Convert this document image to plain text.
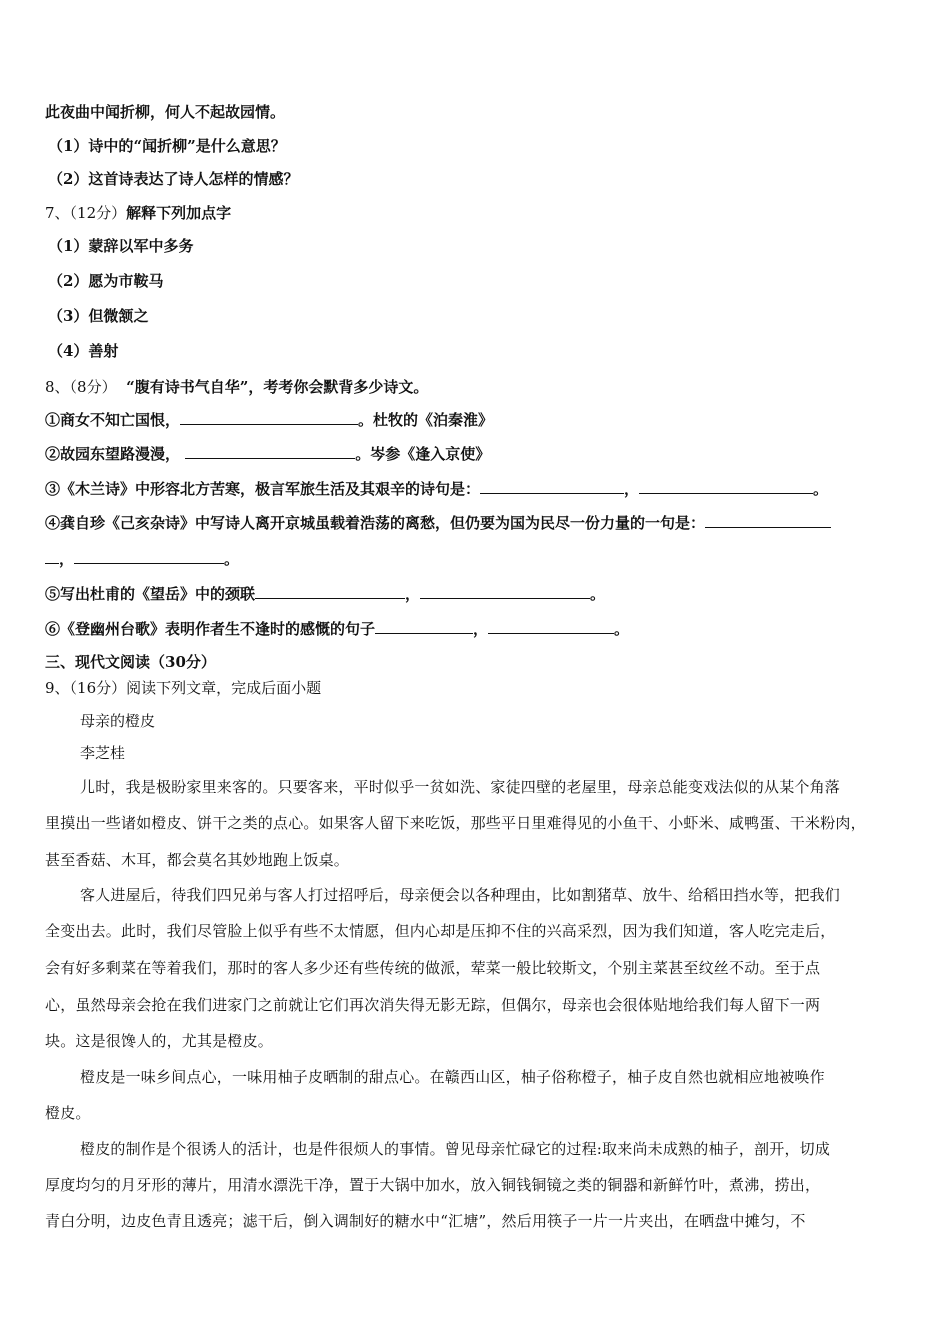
此夜曲中闻折柳，何人不起故园情。
（1）诗中的“闻折柳”是什么意思？
（2）这首诗表达了诗人怎样的情感？
7、（12分）解释下列加点字
（1）蒙辞以军中多务
（2）愿为市鞍马
（3）但微颔之
（4）善射
8、（8分） “腹有诗书气自华”，考考你会默背多少诗文。
①商女不知亡国恨，	。杜牧的《泊秦淮》
②故园东望路漫漫，	。岑参《逢入京使》
③《木兰诗》中形容北方苦寒，极言军旅生活及其艰辛的诗句是：	，	。
④龚自珍《己亥杂诗》中写诗人离开京城虽载着浩荡的离愁，但仍要为国为民尽一份力量的一句是：
，	。
⑤写出杜甫的《望岳》中的颈联	，	。
⑥《登幽州台歌》表明作者生不逢时的感慨的句子	，	。
三、现代文阅读（30分）
9、（16分）阅读下列文章，完成后面小题
母亲的橙皮
李芝桂
儿时，我是极盼家里来客的。只要客来，平时似乎一贫如洗、家徒四壁的老屋里，母亲总能变戏法似的从某个角落
里摸出一些诸如橙皮、饼干之类的点心。如果客人留下来吃饭，那些平日里难得见的小鱼干、小虾米、咸鸭蛋、干米粉肉，
甚至香菇、木耳，都会莫名其妙地跑上饭桌。
客人进屋后，待我们四兄弟与客人打过招呼后，母亲便会以各种理由，比如割猪草、放牛、给稻田挡水等，把我们
全变出去。此时，我们尽管脸上似乎有些不太情愿，但内心却是压抑不住的兴高采烈，因为我们知道，客人吃完走后，
会有好多剩菜在等着我们，那时的客人多少还有些传统的做派，荤菜一般比较斯文，个别主菜甚至纹丝不动。至于点
心，虽然母亲会抢在我们进家门之前就让它们再次消失得无影无踪，但偶尔，母亲也会很体贴地给我们每人留下一两
块。这是很馋人的，尤其是橙皮。
橙皮是一味乡间点心，一味用柚子皮晒制的甜点心。在赣西山区，柚子俗称橙子，柚子皮自然也就相应地被唤作
橙皮。
橙皮的制作是个很诱人的活计，也是件很烦人的事情。曾见母亲忙碌它的过程:取来尚未成熟的柚子，剖开，切成
厚度均匀的月牙形的薄片，用清水漂洗干净，置于大锅中加水，放入铜钱铜镜之类的铜器和新鲜竹叶，煮沸，捞出，
青白分明，边皮色青且透亮；滤干后，倒入调制好的糖水中“汇塘”，然后用筷子一片一片夹出，在晒盘中摊匀，不
